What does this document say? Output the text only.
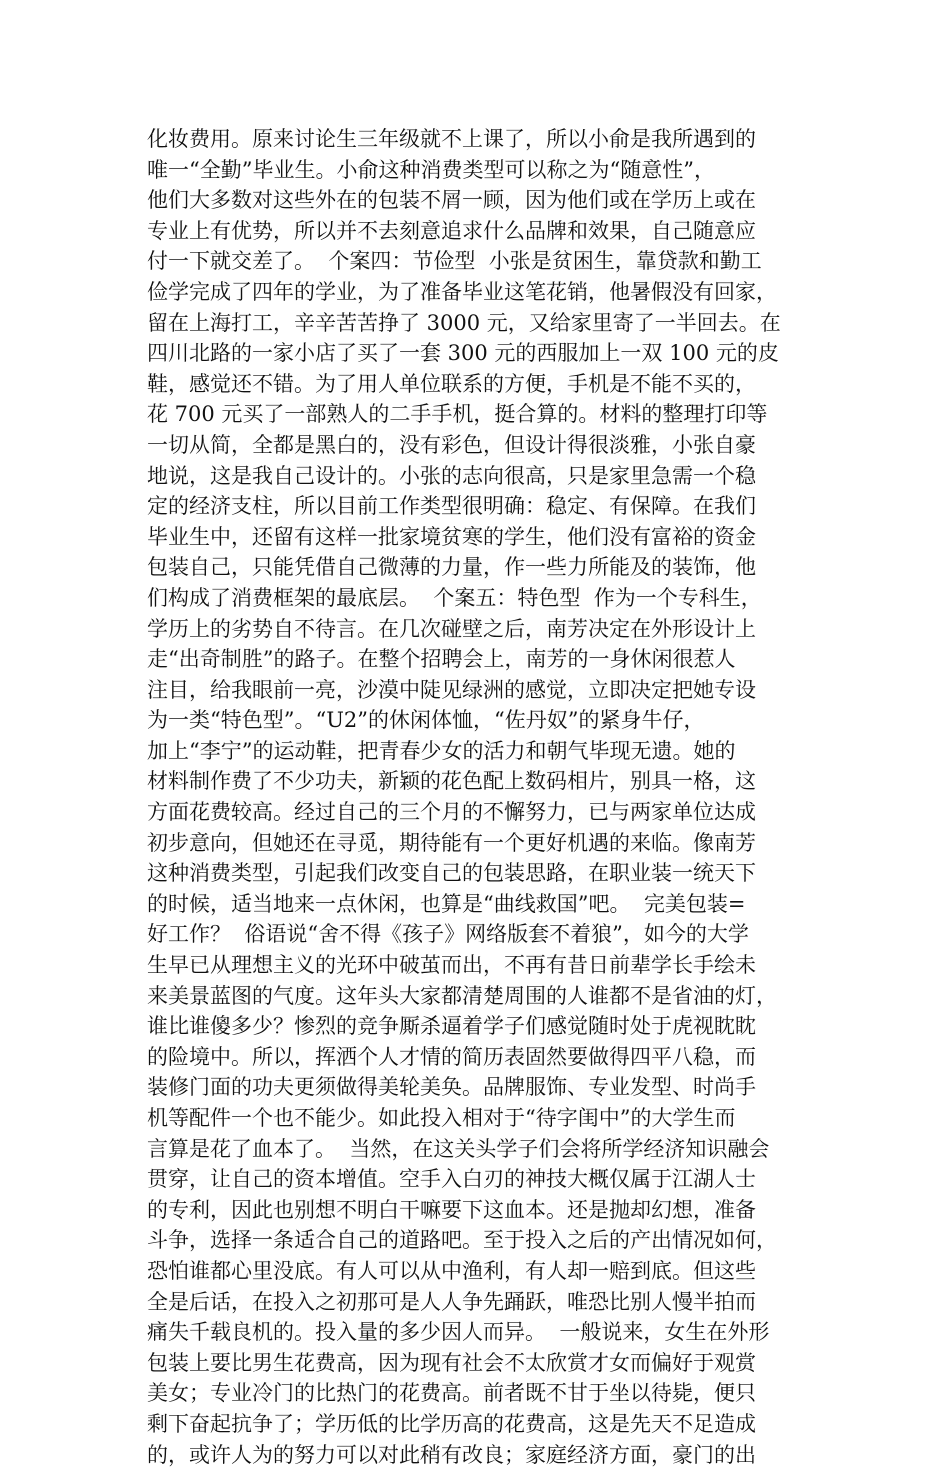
化妆费用。原来讨论生三年级就不上课了，所以小俞是我所遇到的
唯一“全勤”毕业生。小俞这种消费类型可以称之为“随意性”，
他们大多数对这些外在的包装不屑一顾，因为他们或在学历上或在
专业上有优势，所以并不去刻意追求什么品牌和效果，自己随意应
付一下就交差了。  个案四：节俭型  小张是贫困生，靠贷款和勤工
俭学完成了四年的学业，为了准备毕业这笔花销，他暑假没有回家，
留在上海打工，辛辛苦苦挣了 3000 元，又给家里寄了一半回去。在
四川北路的一家小店了买了一套 300 元的西服加上一双 100 元的皮
鞋，感觉还不错。为了用人单位联系的方便，手机是不能不买的，
花 700 元买了一部熟人的二手手机，挺合算的。材料的整理打印等
一切从简，全都是黑白的，没有彩色，但设计得很淡雅，小张自豪
地说，这是我自己设计的。小张的志向很高，只是家里急需一个稳
定的经济支柱，所以目前工作类型很明确：稳定、有保障。在我们
毕业生中，还留有这样一批家境贫寒的学生，他们没有富裕的资金
包装自己，只能凭借自己微薄的力量，作一些力所能及的装饰，他
们构成了消费框架的最底层。  个案五：特色型  作为一个专科生，
学历上的劣势自不待言。在几次碰壁之后，南芳决定在外形设计上
走“出奇制胜”的路子。在整个招聘会上，南芳的一身休闲很惹人
注目，给我眼前一亮，沙漠中陡见绿洲的感觉，立即决定把她专设
为一类“特色型”。“U2”的休闲体恤，“佐丹奴”的紧身牛仔，
加上“李宁”的运动鞋，把青春少女的活力和朝气毕现无遗。她的
材料制作费了不少功夫，新颖的花色配上数码相片，别具一格，这
方面花费较高。经过自己的三个月的不懈努力，已与两家单位达成
初步意向，但她还在寻觅，期待能有一个更好机遇的来临。像南芳
这种消费类型，引起我们改变自己的包装思路，在职业装一统天下
的时候，适当地来一点休闲，也算是“曲线救国”吧。  完美包装=
好工作？  俗语说“舍不得《孩子》网络版套不着狼”，如今的大学
生早已从理想主义的光环中破茧而出，不再有昔日前辈学长手绘未
来美景蓝图的气度。这年头大家都清楚周围的人谁都不是省油的灯，
谁比谁傻多少？惨烈的竞争厮杀逼着学子们感觉随时处于虎视眈眈
的险境中。所以，挥洒个人才情的简历表固然要做得四平八稳，而
装修门面的功夫更须做得美轮美奂。品牌服饰、专业发型、时尚手
机等配件一个也不能少。如此投入相对于“待字闺中”的大学生而
言算是花了血本了。  当然，在这关头学子们会将所学经济知识融会
贯穿，让自己的资本增值。空手入白刃的神技大概仅属于江湖人士
的专利，因此也别想不明白干嘛要下这血本。还是抛却幻想，准备
斗争，选择一条适合自己的道路吧。至于投入之后的产出情况如何，
恐怕谁都心里没底。有人可以从中渔利，有人却一赔到底。但这些
全是后话，在投入之初那可是人人争先踊跃，唯恐比别人慢半拍而
痛失千载良机的。投入量的多少因人而异。  一般说来，女生在外形
包装上要比男生花费高，因为现有社会不太欣赏才女而偏好于观赏
美女；专业冷门的比热门的花费高。前者既不甘于坐以待毙，便只
剩下奋起抗争了；学历低的比学历高的花费高，这是先天不足造成
的，或许人为的努力可以对此稍有改良；家庭经济方面，豪门的出
